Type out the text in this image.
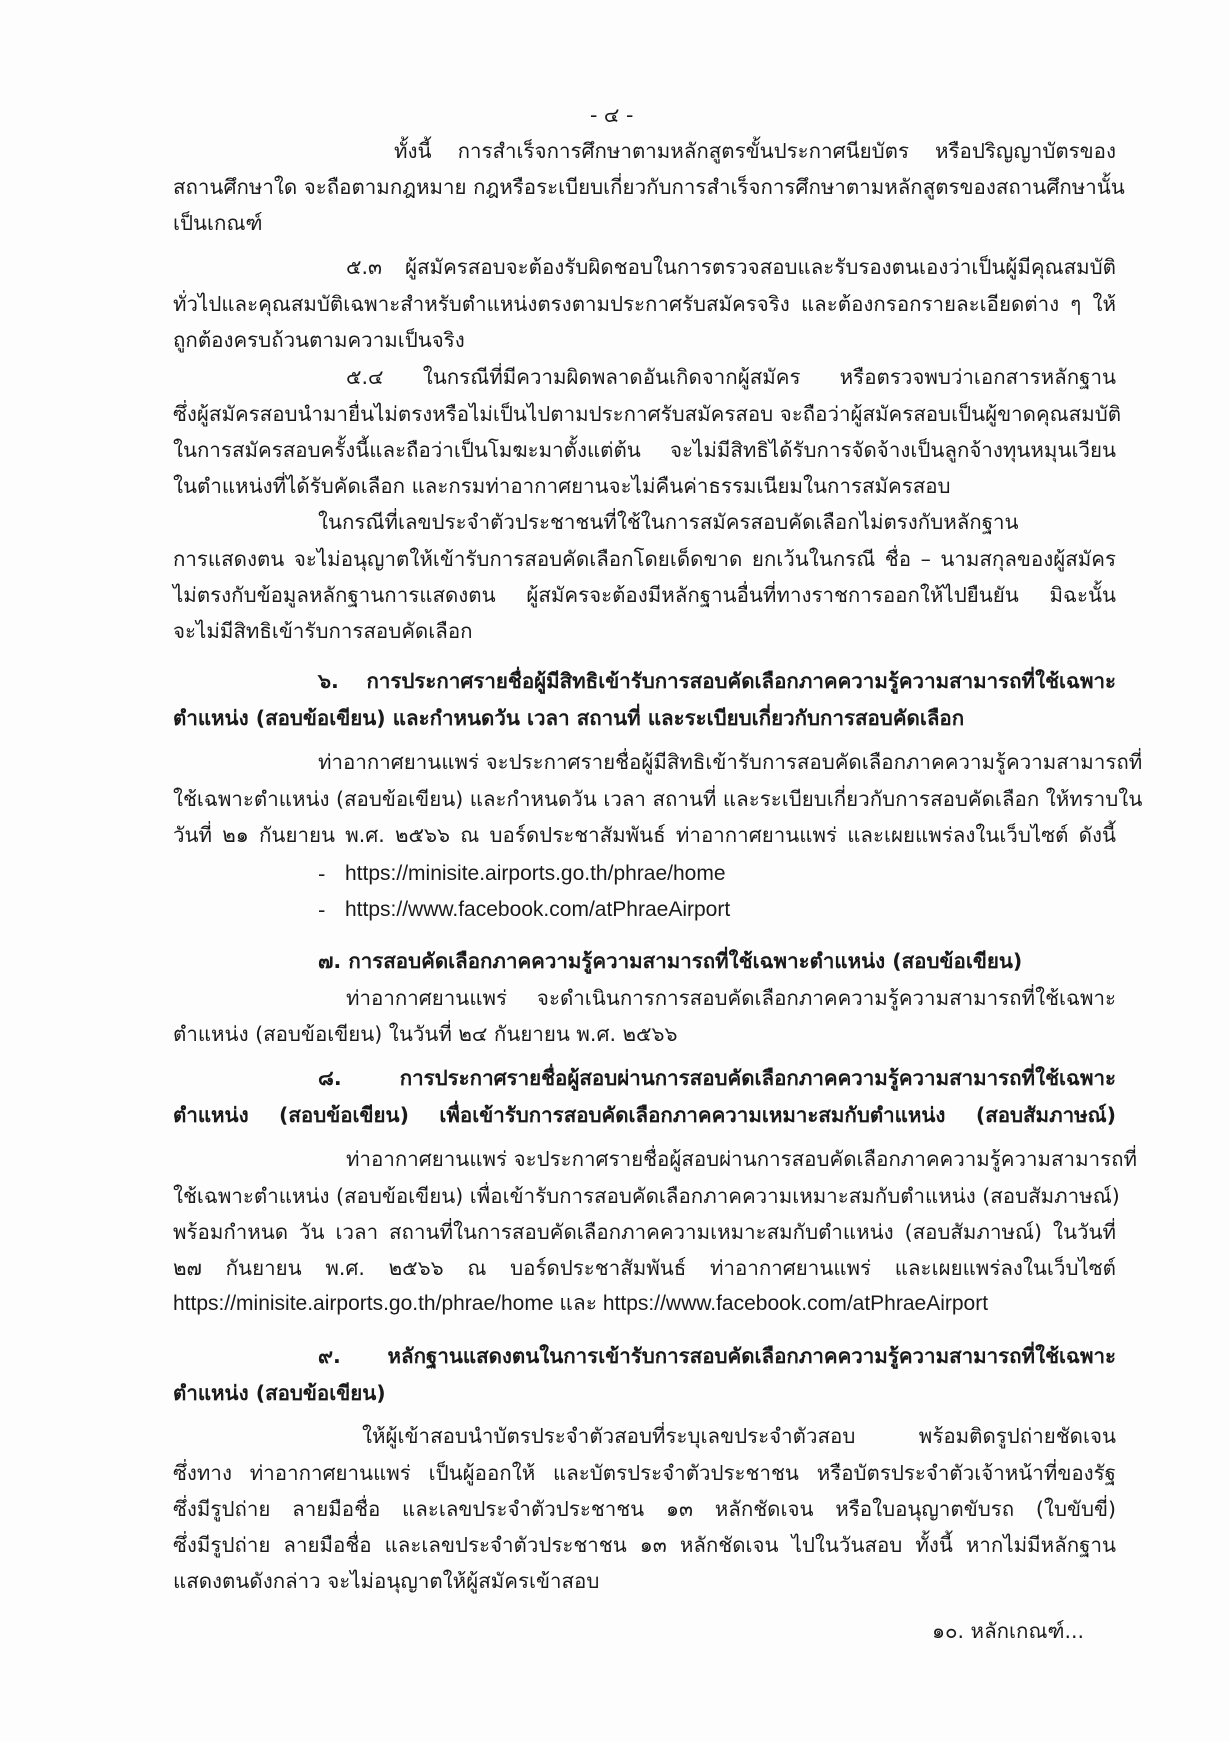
- ๔ -
ทั้งนี้ การสำเร็จการศึกษาตามหลักสูตรขั้นประกาศนียบัตร หรือปริญญาบัตรของ
สถานศึกษาใด จะถือตามกฎหมาย กฎหรือระเบียบเกี่ยวกับการสำเร็จการศึกษาตามหลักสูตรของสถานศึกษานั้น
เป็นเกณฑ์
๕.๓ ผู้สมัครสอบจะต้องรับผิดชอบในการตรวจสอบและรับรองตนเองว่าเป็นผู้มีคุณสมบัติ
ทั่วไปและคุณสมบัติเฉพาะสำหรับตำแหน่งตรงตามประกาศรับสมัครจริง และต้องกรอกรายละเอียดต่าง ๆ ให้
ถูกต้องครบถ้วนตามความเป็นจริง
๕.๔ ในกรณีที่มีความผิดพลาดอันเกิดจากผู้สมัคร หรือตรวจพบว่าเอกสารหลักฐาน
ซึ่งผู้สมัครสอบนำมายื่นไม่ตรงหรือไม่เป็นไปตามประกาศรับสมัครสอบ จะถือว่าผู้สมัครสอบเป็นผู้ขาดคุณสมบัติ
ในการสมัครสอบครั้งนี้และถือว่าเป็นโมฆะมาตั้งแต่ต้น จะไม่มีสิทธิได้รับการจัดจ้างเป็นลูกจ้างทุนหมุนเวียน
ในตำแหน่งที่ได้รับคัดเลือก และกรมท่าอากาศยานจะไม่คืนค่าธรรมเนียมในการสมัครสอบ
ในกรณีที่เลขประจำตัวประชาชนที่ใช้ในการสมัครสอบคัดเลือกไม่ตรงกับหลักฐาน
การแสดงตน จะไม่อนุญาตให้เข้ารับการสอบคัดเลือกโดยเด็ดขาด ยกเว้นในกรณี ชื่อ – นามสกุลของผู้สมัคร
ไม่ตรงกับข้อมูลหลักฐานการแสดงตน ผู้สมัครจะต้องมีหลักฐานอื่นที่ทางราชการออกให้ไปยืนยัน มิฉะนั้น
จะไม่มีสิทธิเข้ารับการสอบคัดเลือก
๖. การประกาศรายชื่อผู้มีสิทธิเข้ารับการสอบคัดเลือกภาคความรู้ความสามารถที่ใช้เฉพาะ
ตำแหน่ง (สอบข้อเขียน) และกำหนดวัน เวลา สถานที่ และระเบียบเกี่ยวกับการสอบคัดเลือก
ท่าอากาศยานแพร่ จะประกาศรายชื่อผู้มีสิทธิเข้ารับการสอบคัดเลือกภาคความรู้ความสามารถที่
ใช้เฉพาะตำแหน่ง (สอบข้อเขียน) และกำหนดวัน เวลา สถานที่ และระเบียบเกี่ยวกับการสอบคัดเลือก ให้ทราบใน
วันที่ ๒๑ กันยายน พ.ศ. ๒๕๖๖ ณ บอร์ดประชาสัมพันธ์ ท่าอากาศยานแพร่ และเผยแพร่ลงในเว็บไซต์ ดังนี้
- https://minisite.airports.go.th/phrae/home
- https://www.facebook.com/atPhraeAirport
๗. การสอบคัดเลือกภาคความรู้ความสามารถที่ใช้เฉพาะตำแหน่ง (สอบข้อเขียน)
ท่าอากาศยานแพร่ จะดำเนินการการสอบคัดเลือกภาคความรู้ความสามารถที่ใช้เฉพาะ
ตำแหน่ง (สอบข้อเขียน) ในวันที่ ๒๔ กันยายน พ.ศ. ๒๕๖๖
๘. การประกาศรายชื่อผู้สอบผ่านการสอบคัดเลือกภาคความรู้ความสามารถที่ใช้เฉพาะ
ตำแหน่ง (สอบข้อเขียน) เพื่อเข้ารับการสอบคัดเลือกภาคความเหมาะสมกับตำแหน่ง (สอบสัมภาษณ์)
ท่าอากาศยานแพร่ จะประกาศรายชื่อผู้สอบผ่านการสอบคัดเลือกภาคความรู้ความสามารถที่
ใช้เฉพาะตำแหน่ง (สอบข้อเขียน) เพื่อเข้ารับการสอบคัดเลือกภาคความเหมาะสมกับตำแหน่ง (สอบสัมภาษณ์)
พร้อมกำหนด วัน เวลา สถานที่ในการสอบคัดเลือกภาคความเหมาะสมกับตำแหน่ง (สอบสัมภาษณ์) ในวันที่
๒๗ กันยายน พ.ศ. ๒๕๖๖ ณ บอร์ดประชาสัมพันธ์ ท่าอากาศยานแพร่ และเผยแพร่ลงในเว็บไซต์
https://minisite.airports.go.th/phrae/home และ https://www.facebook.com/atPhraeAirport
๙. หลักฐานแสดงตนในการเข้ารับการสอบคัดเลือกภาคความรู้ความสามารถที่ใช้เฉพาะ
ตำแหน่ง (สอบข้อเขียน)
ให้ผู้เข้าสอบนำบัตรประจำตัวสอบที่ระบุเลขประจำตัวสอบ พร้อมติดรูปถ่ายชัดเจน
ซึ่งทาง ท่าอากาศยานแพร่ เป็นผู้ออกให้ และบัตรประจำตัวประชาชน หรือบัตรประจำตัวเจ้าหน้าที่ของรัฐ
ซึ่งมีรูปถ่าย ลายมือชื่อ และเลขประจำตัวประชาชน ๑๓ หลักชัดเจน หรือใบอนุญาตขับรถ (ใบขับขี่)
ซึ่งมีรูปถ่าย ลายมือชื่อ และเลขประจำตัวประชาชน ๑๓ หลักชัดเจน ไปในวันสอบ ทั้งนี้ หากไม่มีหลักฐาน
แสดงตนดังกล่าว จะไม่อนุญาตให้ผู้สมัครเข้าสอบ
๑๐. หลักเกณฑ์...
